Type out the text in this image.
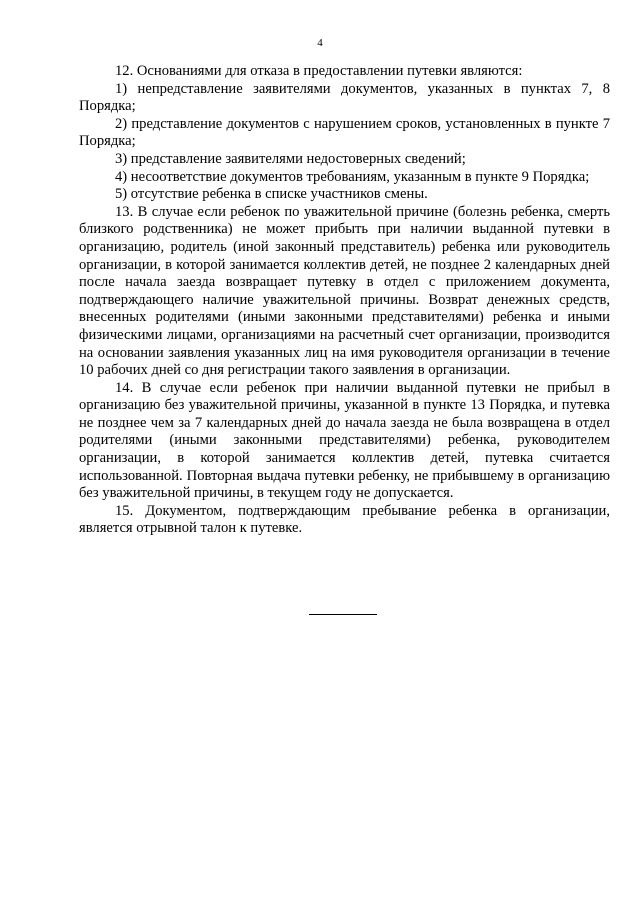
4

12. Основаниями для отказа в предоставлении путевки являются:

1) непредставление заявителями документов, указанных в пунктах 7, 8 Порядка;

2) представление документов с нарушением сроков, установленных в пункте 7 Порядка;

3) представление заявителями недостоверных сведений;

4) несоответствие документов требованиям, указанным в пункте 9 Порядка;

5) отсутствие ребенка в списке участников смены.

13. В случае если ребенок по уважительной причине (болезнь ребенка, смерть близкого родственника) не может прибыть при наличии выданной путевки в организацию, родитель (иной законный представитель) ребенка или руководитель организации, в которой занимается коллектив детей, не позднее 2 календарных дней после начала заезда возвращает путевку в отдел с приложением документа, подтверждающего наличие уважительной причины. Возврат денежных средств, внесенных родителями (иными законными представителями) ребенка и иными физическими лицами, организациями на расчетный счет организации, производится на основании заявления указанных лиц на имя руководителя организации в течение 10 рабочих дней со дня регистрации такого заявления в организации.

14. В случае если ребенок при наличии выданной путевки не прибыл в организацию без уважительной причины, указанной в пункте 13 Порядка, и путевка не позднее чем за 7 календарных дней до начала заезда не была возвращена в отдел родителями (иными законными представителями) ребенка, руководителем организации, в которой занимается коллектив детей, путевка считается использованной. Повторная выдача путевки ребенку, не прибывшему в организацию без уважительной причины, в текущем году не допускается.

15. Документом, подтверждающим пребывание ребенка в организации, является отрывной талон к путевке.
